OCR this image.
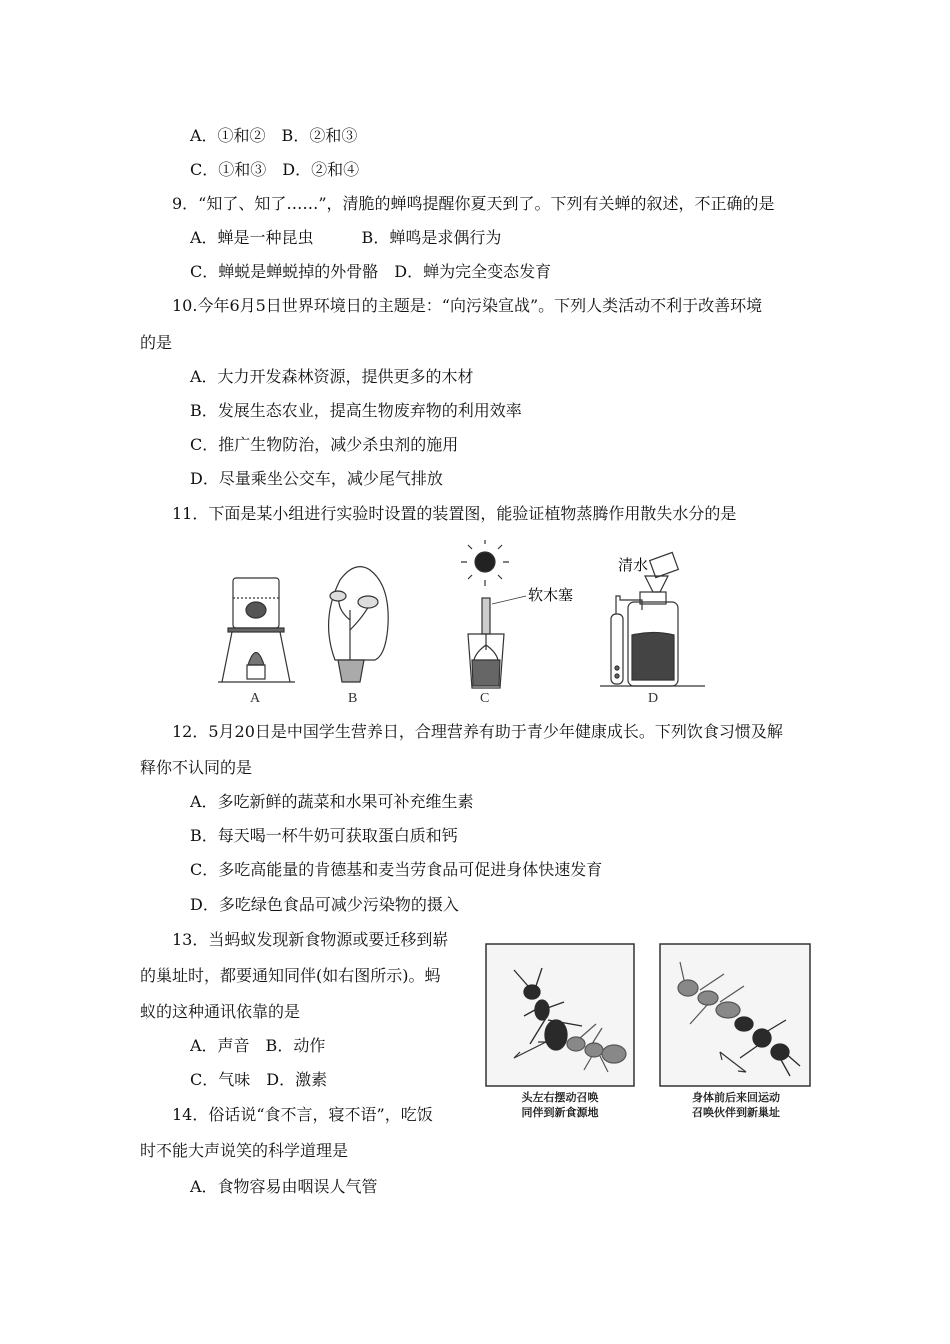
A．①和②　B．②和③
C．①和③　D．②和④
9．“知了、知了……”，清脆的蝉鸣提醒你夏天到了。下列有关蝉的叙述，不正确的是
A．蝉是一种昆虫　　　B．蝉鸣是求偶行为
C．蝉蜕是蝉蜕掉的外骨骼　D．蝉为完全变态发育
10.今年6月5日世界环境日的主题是：“向污染宣战”。下列人类活动不利于改善环境
的是
A．大力开发森林资源，提供更多的木材
B．发展生态农业，提高生物废弃物的利用效率
C．推广生物防治，减少杀虫剂的施用
D．尽量乘坐公交车，减少尾气排放
11．下面是某小组进行实验时设置的装置图，能验证植物蒸腾作用散失水分的是
软木塞
清水
A	B	C	D
12．5月20日是中国学生营养日，合理营养有助于青少年健康成长。下列饮食习惯及解
释你不认同的是
A．多吃新鲜的蔬菜和水果可补充维生素
B．每天喝一杯牛奶可获取蛋白质和钙
C．多吃高能量的肯德基和麦当劳食品可促进身体快速发育
D．多吃绿色食品可减少污染物的摄入
13．当蚂蚁发现新食物源或要迁移到崭
的巢址时，都要通知同伴(如右图所示)。蚂
蚁的这种通讯依靠的是
A．声音　B．动作
C．气味　D．激素
头左右摆动召唤
同伴到新食源地
身体前后来回运动
召唤伙伴到新巢址
14．俗话说“食不言，寝不语”，吃饭
时不能大声说笑的科学道理是
A．食物容易由咽误人气管
